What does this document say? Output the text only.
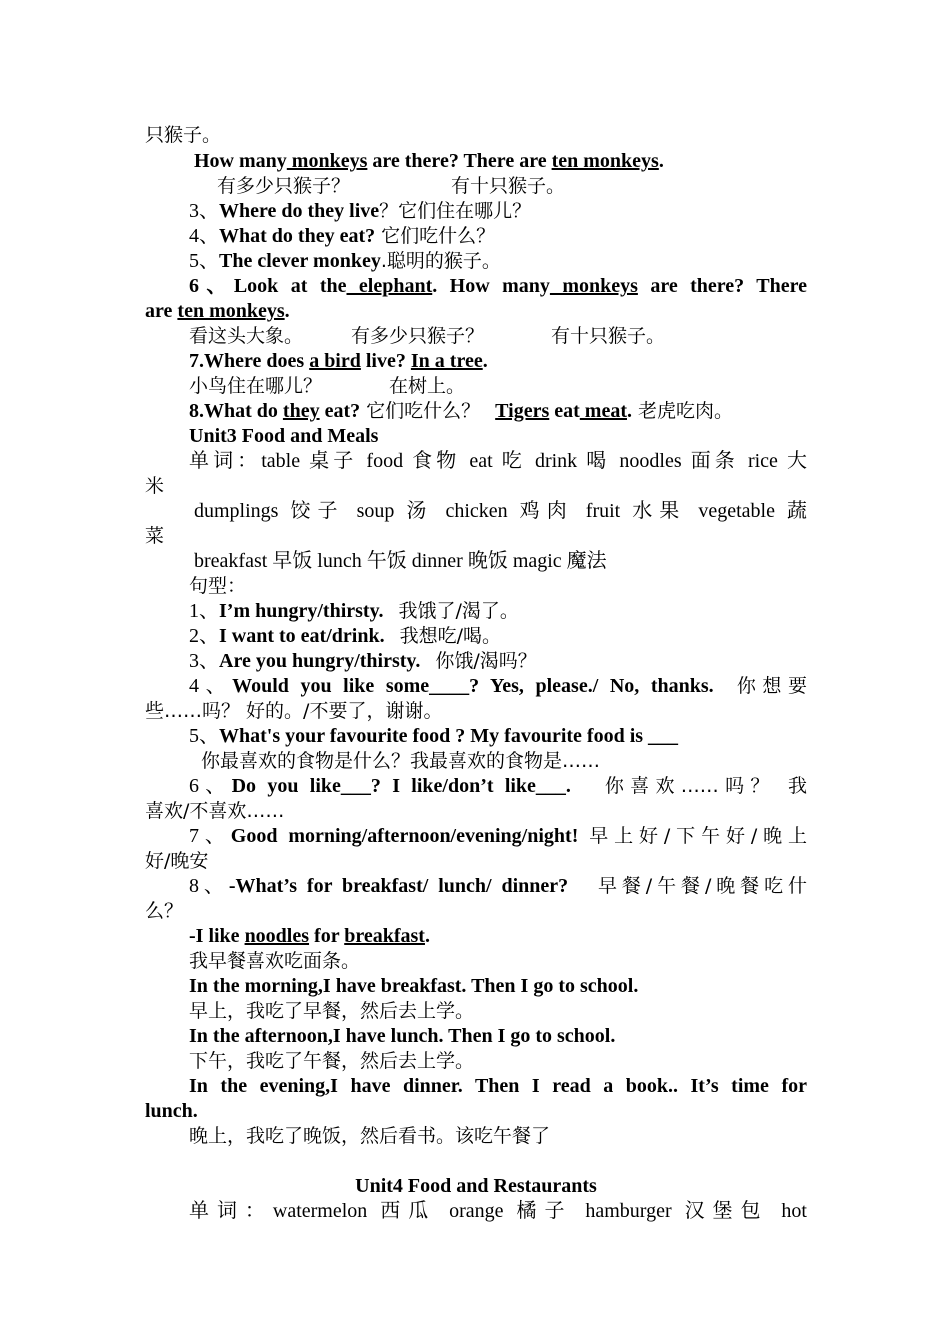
只猴子。
How many monkeys are there? There are ten monkeys.
有多少只猴子？	有十只猴子。
3、Where do they live？它们住在哪儿？
4、What do they eat? 它们吃什么？
5、The clever monkey.聪明的猴子。
6、Look at the elephant. How many monkeys are there? There
are ten monkeys.
看这头大象。	有多少只猴子？	有十只猴子。
7.Where does a bird live? In a tree.
小鸟住在哪儿？	在树上。
8.What do they eat? 它们吃什么？ Tigers eat meat. 老虎吃肉。
Unit3 Food and Meals
单词：table 桌子 food 食物 eat 吃 drink 喝 noodles 面条 rice 大
米
dumplings 饺子 soup 汤 chicken 鸡肉 fruit 水果 vegetable 蔬
菜
breakfast 早饭 lunch 午饭 dinner 晚饭 magic 魔法
句型：
1、I’m hungry/thirsty. 我饿了/渴了。
2、I want to eat/drink. 我想吃/喝。
3、Are you hungry/thirsty. 你饿/渴吗？
4、Would you like some____? Yes, please./ No, thanks. 你想要
些……吗？ 好的。/不要了，谢谢。
5、What's your favourite food ? My favourite food is ___
你最喜欢的食物是什么？我最喜欢的食物是……
6、Do you like___? I like/don’t like___. 你喜欢……吗？ 我
喜欢/不喜欢……
7、Good morning/afternoon/evening/night! 早上好/下午好/晚上
好/晚安
8、-What’s for breakfast/ lunch/ dinner? 早餐/午餐/晚餐吃什
么？
-I like noodles for breakfast.
我早餐喜欢吃面条。
In the morning,I have breakfast. Then I go to school.
早上，我吃了早餐，然后去上学。
In the afternoon,I have lunch. Then I go to school.
下午，我吃了午餐，然后去上学。
In the evening,I have dinner. Then I read a book.. It’s time for
lunch.
晚上，我吃了晚饭，然后看书。该吃午餐了
Unit4 Food and Restaurants
单词：watermelon 西瓜 orange 橘子 hamburger 汉堡包 hot
